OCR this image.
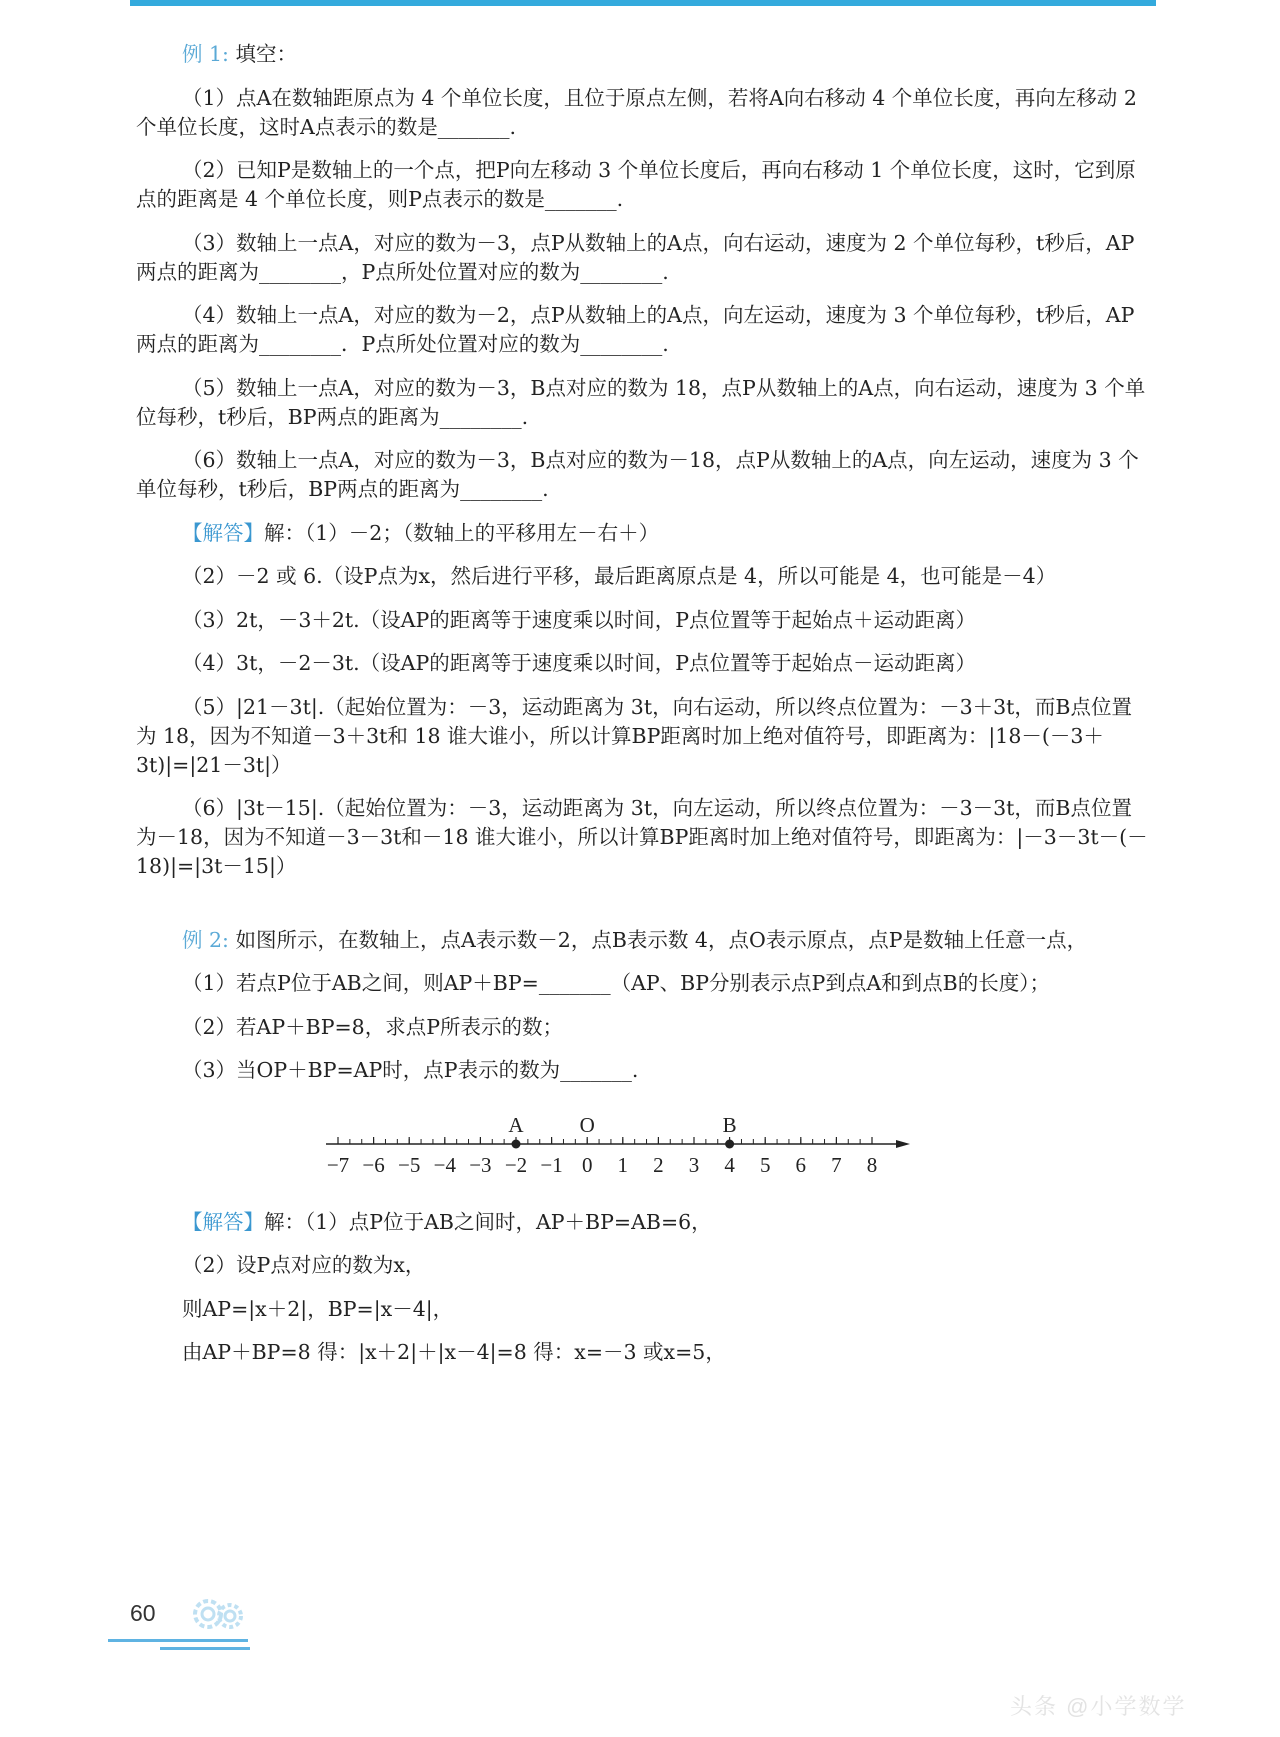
例 1: 填空：

（1）点A在数轴距原点为 4 个单位长度，且位于原点左侧，若将A向右移动 4 个单位长度，再向左移动 2 个单位长度，这时A点表示的数是_______.

（2）已知P是数轴上的一个点，把P向左移动 3 个单位长度后，再向右移动 1 个单位长度，这时，它到原点的距离是 4 个单位长度，则P点表示的数是_______.

（3）数轴上一点A，对应的数为－3，点P从数轴上的A点，向右运动，速度为 2 个单位每秒，t秒后，AP两点的距离为________，P点所处位置对应的数为________.

（4）数轴上一点A，对应的数为－2，点P从数轴上的A点，向左运动，速度为 3 个单位每秒，t秒后，AP两点的距离为________．P点所处位置对应的数为________.

（5）数轴上一点A，对应的数为－3，B点对应的数为 18，点P从数轴上的A点，向右运动，速度为 3 个单位每秒，t秒后，BP两点的距离为________.

（6）数轴上一点A，对应的数为－3，B点对应的数为－18，点P从数轴上的A点，向左运动，速度为 3 个单位每秒，t秒后，BP两点的距离为________.

【解答】解：（1）－2；（数轴上的平移用左－右＋）

（2）－2 或 6.（设P点为x，然后进行平移，最后距离原点是 4，所以可能是 4，也可能是－4）

（3）2t，－3＋2t.（设AP的距离等于速度乘以时间，P点位置等于起始点＋运动距离）

（4）3t，－2－3t.（设AP的距离等于速度乘以时间，P点位置等于起始点－运动距离）

（5）|21－3t|.（起始位置为：－3，运动距离为 3t，向右运动，所以终点位置为：－3＋3t，而B点位置为 18，因为不知道－3＋3t和 18 谁大谁小，所以计算BP距离时加上绝对值符号，即距离为：|18－(－3＋3t)|=|21－3t|）

（6）|3t－15|.（起始位置为：－3，运动距离为 3t，向左运动，所以终点位置为：－3－3t，而B点位置为－18，因为不知道－3－3t和－18 谁大谁小，所以计算BP距离时加上绝对值符号，即距离为：|－3－3t－(－18)|=|3t－15|）

例 2: 如图所示，在数轴上，点A表示数－2，点B表示数 4，点O表示原点，点P是数轴上任意一点，

（1）若点P位于AB之间，则AP＋BP=_______（AP、BP分别表示点P到点A和到点B的长度）；

（2）若AP＋BP=8，求点P所表示的数；

（3）当OP＋BP=AP时，点P表示的数为_______.

−7 −6 −5 −4 −3 −2 −1 0 1 2 3 4 5 6 7 8
A	O	B

【解答】解：（1）点P位于AB之间时，AP＋BP=AB=6，

（2）设P点对应的数为x，

则AP=|x＋2|，BP=|x－4|，

由AP＋BP=8 得：|x＋2|＋|x－4|=8 得：x=－3 或x=5，

60
头条 @小学数学
